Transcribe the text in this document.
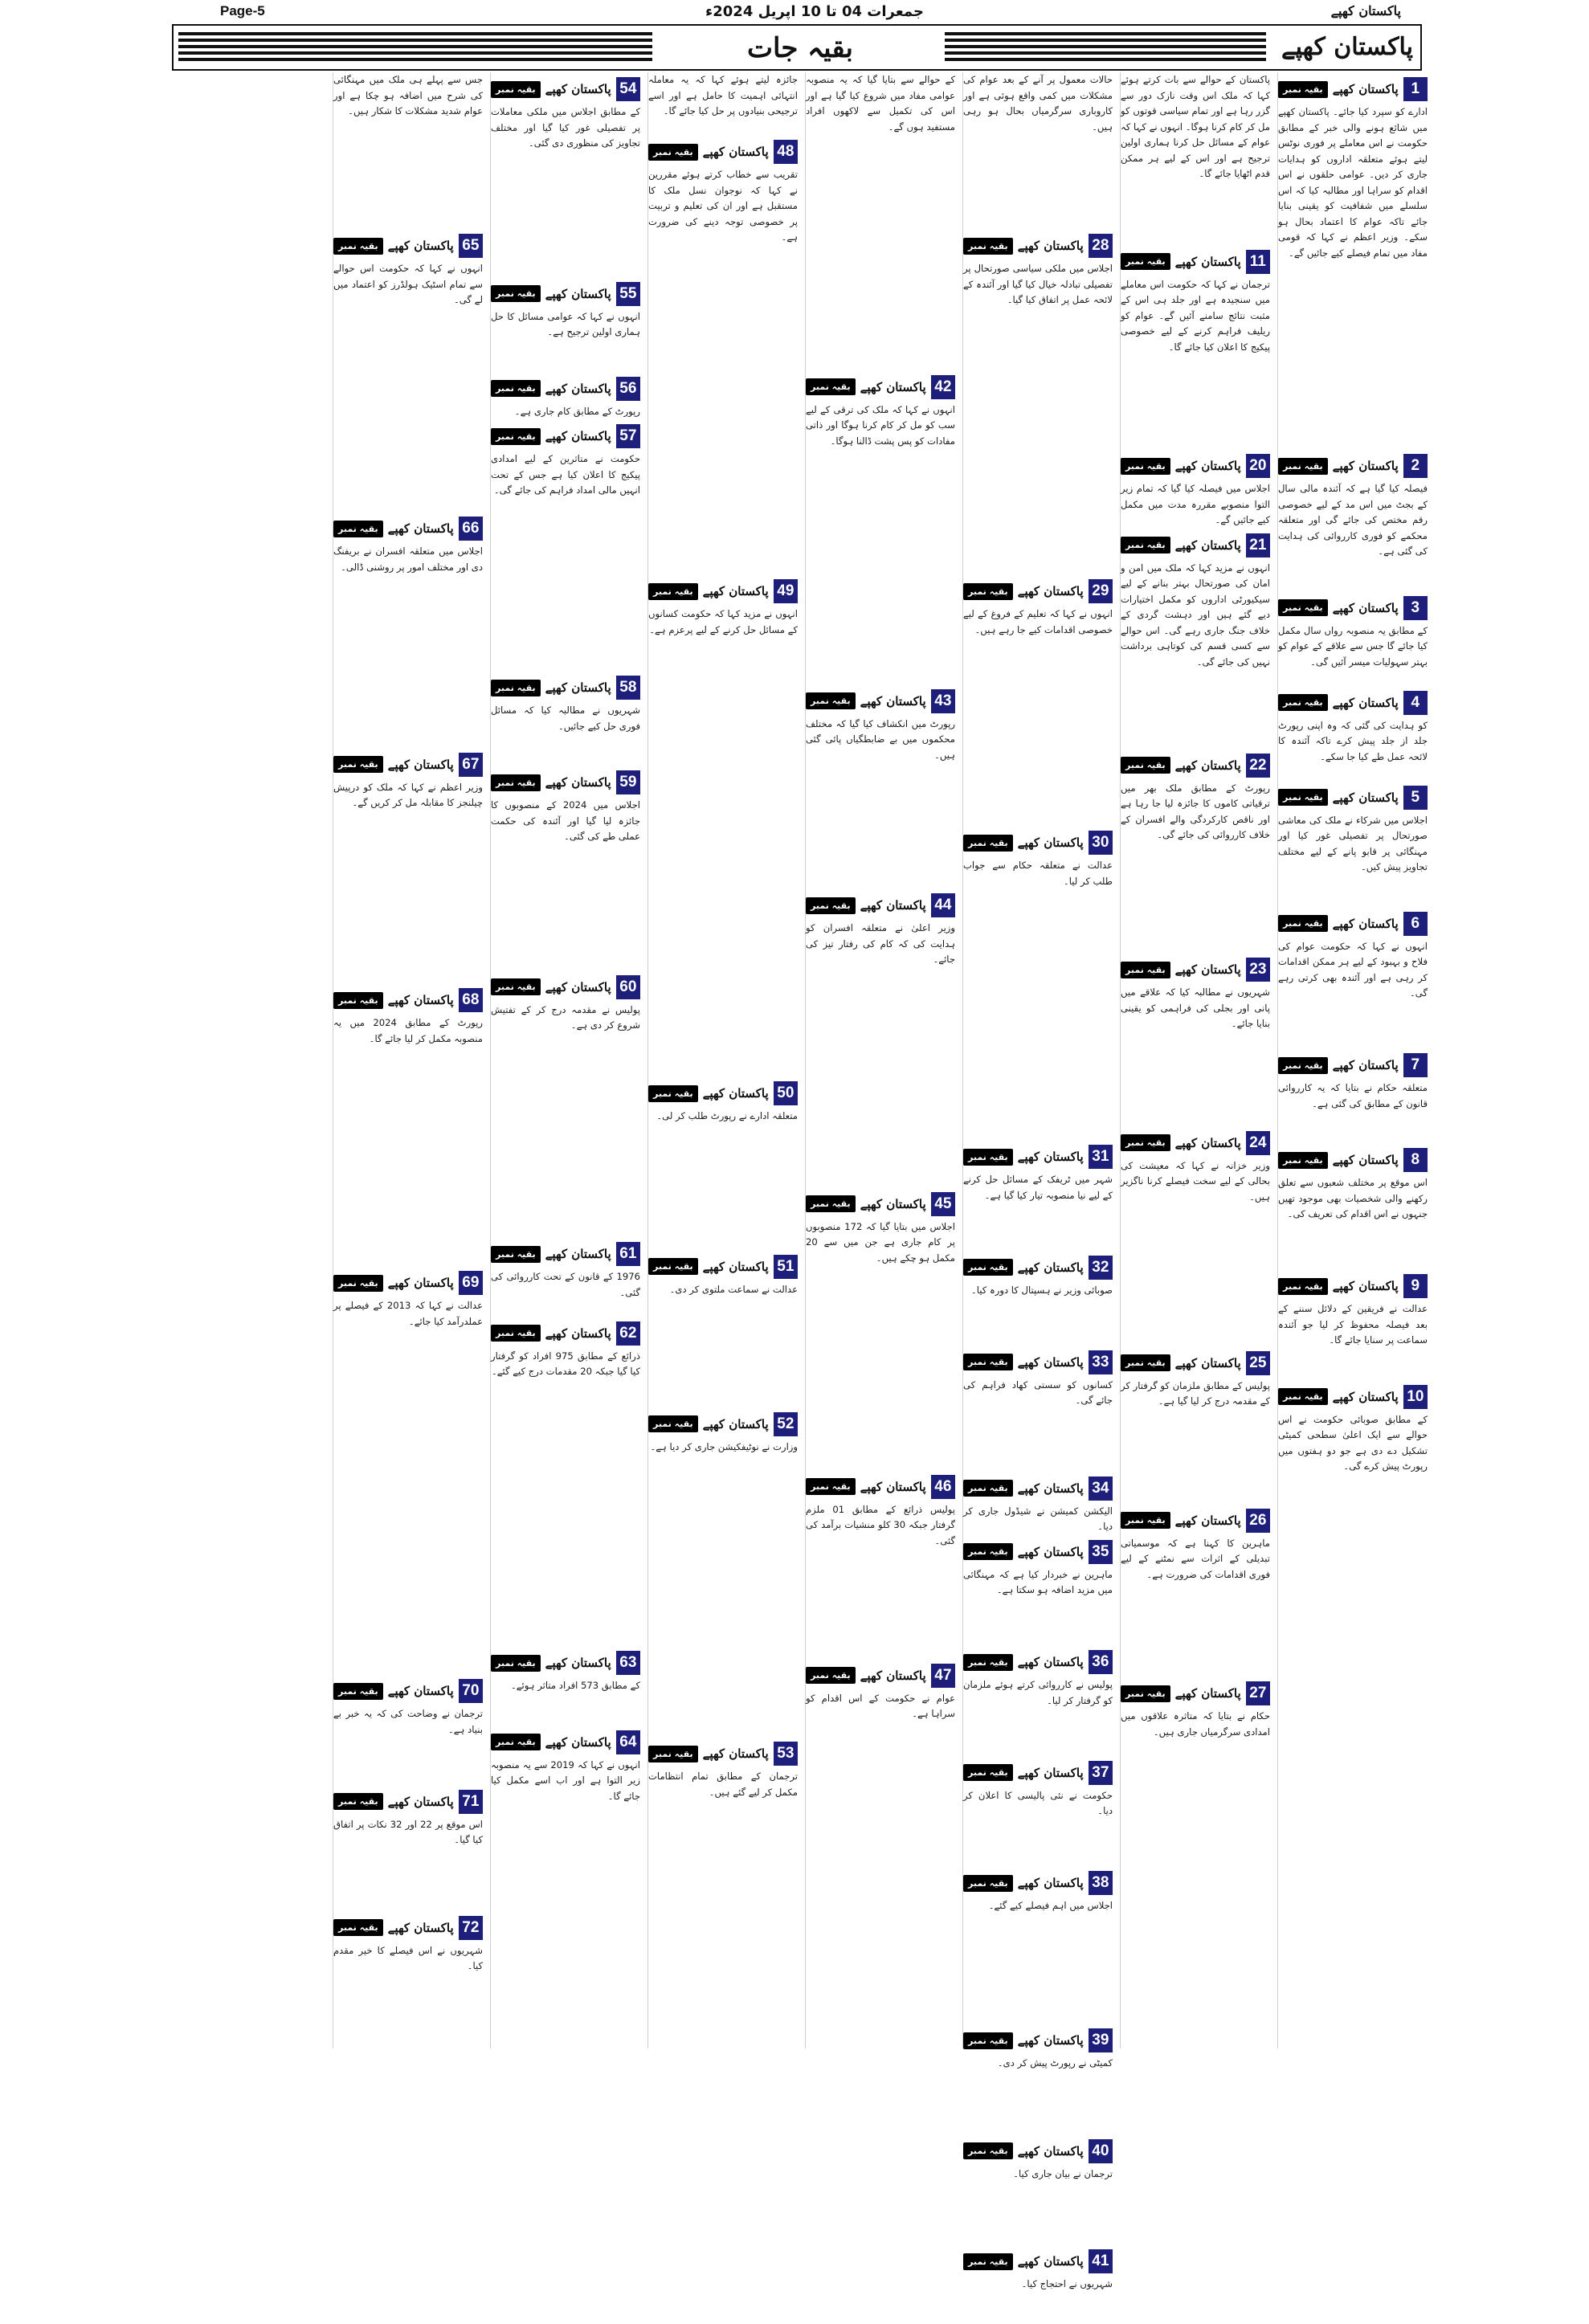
Page-5	جمعرات 04 تا 10 اپریل 2024ء	پاکستان کھپے
بقیہ جات	پاکستان کھپے
1
پاکستان کھپے
بقیہ نمبر

ادارے کو سپرد کیا جائے۔ پاکستان کھپے میں شائع ہونے والی خبر کے مطابق حکومت نے اس معاملے پر فوری نوٹس لیتے ہوئے متعلقہ اداروں کو ہدایات جاری کر دیں۔ عوامی حلقوں نے اس اقدام کو سراہا اور مطالبہ کیا کہ اس سلسلے میں شفافیت کو یقینی بنایا جائے تاکہ عوام کا اعتماد بحال ہو سکے۔ وزیر اعظم نے کہا کہ قومی مفاد میں تمام فیصلے کیے جائیں گے۔

2
پاکستان کھپے
بقیہ نمبر

فیصلہ کیا گیا ہے کہ آئندہ مالی سال کے بجٹ میں اس مد کے لیے خصوصی رقم مختص کی جائے گی اور متعلقہ محکمے کو فوری کارروائی کی ہدایت کی گئی ہے۔

3
پاکستان کھپے
بقیہ نمبر

کے مطابق یہ منصوبہ رواں سال مکمل کیا جائے گا جس سے علاقے کے عوام کو بہتر سہولیات میسر آئیں گی۔

4
پاکستان کھپے
بقیہ نمبر

کو ہدایت کی گئی کہ وہ اپنی رپورٹ جلد از جلد پیش کرے تاکہ آئندہ کا لائحہ عمل طے کیا جا سکے۔

5
پاکستان کھپے
بقیہ نمبر

اجلاس میں شرکاء نے ملک کی معاشی صورتحال پر تفصیلی غور کیا اور مہنگائی پر قابو پانے کے لیے مختلف تجاویز پیش کیں۔

6
پاکستان کھپے
بقیہ نمبر

انہوں نے کہا کہ حکومت عوام کی فلاح و بہبود کے لیے ہر ممکن اقدامات کر رہی ہے اور آئندہ بھی کرتی رہے گی۔

7
پاکستان کھپے
بقیہ نمبر

متعلقہ حکام نے بتایا کہ یہ کارروائی قانون کے مطابق کی گئی ہے۔

8
پاکستان کھپے
بقیہ نمبر

اس موقع پر مختلف شعبوں سے تعلق رکھنے والی شخصیات بھی موجود تھیں جنہوں نے اس اقدام کی تعریف کی۔

9
پاکستان کھپے
بقیہ نمبر

عدالت نے فریقین کے دلائل سننے کے بعد فیصلہ محفوظ کر لیا جو آئندہ سماعت پر سنایا جائے گا۔

10
پاکستان کھپے
بقیہ نمبر

کے مطابق صوبائی حکومت نے اس حوالے سے ایک اعلیٰ سطحی کمیٹی تشکیل دے دی ہے جو دو ہفتوں میں رپورٹ پیش کرے گی۔

پاکستان کے حوالے سے بات کرتے ہوئے کہا کہ ملک اس وقت نازک دور سے گزر رہا ہے اور تمام سیاسی قوتوں کو مل کر کام کرنا ہوگا۔ انہوں نے کہا کہ عوام کے مسائل حل کرنا ہماری اولین ترجیح ہے اور اس کے لیے ہر ممکن قدم اٹھایا جائے گا۔

11
پاکستان کھپے
بقیہ نمبر

ترجمان نے کہا کہ حکومت اس معاملے میں سنجیدہ ہے اور جلد ہی اس کے مثبت نتائج سامنے آئیں گے۔ عوام کو ریلیف فراہم کرنے کے لیے خصوصی پیکیج کا اعلان کیا جائے گا۔

20
پاکستان کھپے
بقیہ نمبر

اجلاس میں فیصلہ کیا گیا کہ تمام زیر التوا منصوبے مقررہ مدت میں مکمل کیے جائیں گے۔

21
پاکستان کھپے
بقیہ نمبر

انہوں نے مزید کہا کہ ملک میں امن و امان کی صورتحال بہتر بنانے کے لیے سیکیورٹی اداروں کو مکمل اختیارات دیے گئے ہیں اور دہشت گردی کے خلاف جنگ جاری رہے گی۔ اس حوالے سے کسی قسم کی کوتاہی برداشت نہیں کی جائے گی۔

22
پاکستان کھپے
بقیہ نمبر

رپورٹ کے مطابق ملک بھر میں ترقیاتی کاموں کا جائزہ لیا جا رہا ہے اور ناقص کارکردگی والے افسران کے خلاف کارروائی کی جائے گی۔

23
پاکستان کھپے
بقیہ نمبر

شہریوں نے مطالبہ کیا کہ علاقے میں پانی اور بجلی کی فراہمی کو یقینی بنایا جائے۔

24
پاکستان کھپے
بقیہ نمبر

وزیر خزانہ نے کہا کہ معیشت کی بحالی کے لیے سخت فیصلے کرنا ناگزیر ہیں۔

25
پاکستان کھپے
بقیہ نمبر

پولیس کے مطابق ملزمان کو گرفتار کر کے مقدمہ درج کر لیا گیا ہے۔

26
پاکستان کھپے
بقیہ نمبر

ماہرین کا کہنا ہے کہ موسمیاتی تبدیلی کے اثرات سے نمٹنے کے لیے فوری اقدامات کی ضرورت ہے۔

27
پاکستان کھپے
بقیہ نمبر

حکام نے بتایا کہ متاثرہ علاقوں میں امدادی سرگرمیاں جاری ہیں۔

حالات معمول پر آنے کے بعد عوام کی مشکلات میں کمی واقع ہوئی ہے اور کاروباری سرگرمیاں بحال ہو رہی ہیں۔

28
پاکستان کھپے
بقیہ نمبر

اجلاس میں ملکی سیاسی صورتحال پر تفصیلی تبادلہ خیال کیا گیا اور آئندہ کے لائحہ عمل پر اتفاق کیا گیا۔

29
پاکستان کھپے
بقیہ نمبر

انہوں نے کہا کہ تعلیم کے فروغ کے لیے خصوصی اقدامات کیے جا رہے ہیں۔

30
پاکستان کھپے
بقیہ نمبر

عدالت نے متعلقہ حکام سے جواب طلب کر لیا۔

31
پاکستان کھپے
بقیہ نمبر

شہر میں ٹریفک کے مسائل حل کرنے کے لیے نیا منصوبہ تیار کیا گیا ہے۔

32
پاکستان کھپے
بقیہ نمبر

صوبائی وزیر نے ہسپتال کا دورہ کیا۔

33
پاکستان کھپے
بقیہ نمبر

کسانوں کو سستی کھاد فراہم کی جائے گی۔

34
پاکستان کھپے
بقیہ نمبر

الیکشن کمیشن نے شیڈول جاری کر دیا۔

35
پاکستان کھپے
بقیہ نمبر

ماہرین نے خبردار کیا ہے کہ مہنگائی میں مزید اضافہ ہو سکتا ہے۔

36
پاکستان کھپے
بقیہ نمبر

پولیس نے کارروائی کرتے ہوئے ملزمان کو گرفتار کر لیا۔

37
پاکستان کھپے
بقیہ نمبر

حکومت نے نئی پالیسی کا اعلان کر دیا۔

38
پاکستان کھپے
بقیہ نمبر

اجلاس میں اہم فیصلے کیے گئے۔

39
پاکستان کھپے
بقیہ نمبر

کمیٹی نے رپورٹ پیش کر دی۔

40
پاکستان کھپے
بقیہ نمبر

ترجمان نے بیان جاری کیا۔

41
پاکستان کھپے
بقیہ نمبر

شہریوں نے احتجاج کیا۔

کے حوالے سے بتایا گیا کہ یہ منصوبہ عوامی مفاد میں شروع کیا گیا ہے اور اس کی تکمیل سے لاکھوں افراد مستفید ہوں گے۔

42
پاکستان کھپے
بقیہ نمبر

انہوں نے کہا کہ ملک کی ترقی کے لیے سب کو مل کر کام کرنا ہوگا اور ذاتی مفادات کو پس پشت ڈالنا ہوگا۔

43
پاکستان کھپے
بقیہ نمبر

رپورٹ میں انکشاف کیا گیا کہ مختلف محکموں میں بے ضابطگیاں پائی گئی ہیں۔

44
پاکستان کھپے
بقیہ نمبر

وزیر اعلیٰ نے متعلقہ افسران کو ہدایت کی کہ کام کی رفتار تیز کی جائے۔

45
پاکستان کھپے
بقیہ نمبر

اجلاس میں بتایا گیا کہ 172 منصوبوں پر کام جاری ہے جن میں سے 20 مکمل ہو چکے ہیں۔

46
پاکستان کھپے
بقیہ نمبر

پولیس ذرائع کے مطابق 01 ملزم گرفتار جبکہ 30 کلو منشیات برآمد کی گئی۔

47
پاکستان کھپے
بقیہ نمبر

عوام نے حکومت کے اس اقدام کو سراہا ہے۔

جائزہ لیتے ہوئے کہا کہ یہ معاملہ انتہائی اہمیت کا حامل ہے اور اسے ترجیحی بنیادوں پر حل کیا جائے گا۔

48
پاکستان کھپے
بقیہ نمبر

تقریب سے خطاب کرتے ہوئے مقررین نے کہا کہ نوجوان نسل ملک کا مستقبل ہے اور ان کی تعلیم و تربیت پر خصوصی توجہ دینے کی ضرورت ہے۔

49
پاکستان کھپے
بقیہ نمبر

انہوں نے مزید کہا کہ حکومت کسانوں کے مسائل حل کرنے کے لیے پرعزم ہے۔

50
پاکستان کھپے
بقیہ نمبر

متعلقہ ادارے نے رپورٹ طلب کر لی۔

51
پاکستان کھپے
بقیہ نمبر

عدالت نے سماعت ملتوی کر دی۔

52
پاکستان کھپے
بقیہ نمبر

وزارت نے نوٹیفکیشن جاری کر دیا ہے۔

53
پاکستان کھپے
بقیہ نمبر

ترجمان کے مطابق تمام انتظامات مکمل کر لیے گئے ہیں۔

54
پاکستان کھپے
بقیہ نمبر

کے مطابق اجلاس میں ملکی معاملات پر تفصیلی غور کیا گیا اور مختلف تجاویز کی منظوری دی گئی۔

55
پاکستان کھپے
بقیہ نمبر

انہوں نے کہا کہ عوامی مسائل کا حل ہماری اولین ترجیح ہے۔

56
پاکستان کھپے
بقیہ نمبر

رپورٹ کے مطابق کام جاری ہے۔

57
پاکستان کھپے
بقیہ نمبر

حکومت نے متاثرین کے لیے امدادی پیکیج کا اعلان کیا ہے جس کے تحت انہیں مالی امداد فراہم کی جائے گی۔

58
پاکستان کھپے
بقیہ نمبر

شہریوں نے مطالبہ کیا کہ مسائل فوری حل کیے جائیں۔

59
پاکستان کھپے
بقیہ نمبر

اجلاس میں 2024 کے منصوبوں کا جائزہ لیا گیا اور آئندہ کی حکمت عملی طے کی گئی۔

60
پاکستان کھپے
بقیہ نمبر

پولیس نے مقدمہ درج کر کے تفتیش شروع کر دی ہے۔

61
پاکستان کھپے
بقیہ نمبر

1976 کے قانون کے تحت کارروائی کی گئی۔

62
پاکستان کھپے
بقیہ نمبر

ذرائع کے مطابق 975 افراد کو گرفتار کیا گیا جبکہ 20 مقدمات درج کیے گئے۔

63
پاکستان کھپے
بقیہ نمبر

کے مطابق 573 افراد متاثر ہوئے۔

64
پاکستان کھپے
بقیہ نمبر

انہوں نے کہا کہ 2019 سے یہ منصوبہ زیر التوا ہے اور اب اسے مکمل کیا جائے گا۔

جس سے پہلے ہی ملک میں مہنگائی کی شرح میں اضافہ ہو چکا ہے اور عوام شدید مشکلات کا شکار ہیں۔

65
پاکستان کھپے
بقیہ نمبر

انہوں نے کہا کہ حکومت اس حوالے سے تمام اسٹیک ہولڈرز کو اعتماد میں لے گی۔

66
پاکستان کھپے
بقیہ نمبر

اجلاس میں متعلقہ افسران نے بریفنگ دی اور مختلف امور پر روشنی ڈالی۔

67
پاکستان کھپے
بقیہ نمبر

وزیر اعظم نے کہا کہ ملک کو درپیش چیلنجز کا مقابلہ مل کر کریں گے۔

68
پاکستان کھپے
بقیہ نمبر

رپورٹ کے مطابق 2024 میں یہ منصوبہ مکمل کر لیا جائے گا۔

69
پاکستان کھپے
بقیہ نمبر

عدالت نے کہا کہ 2013 کے فیصلے پر عملدرآمد کیا جائے۔

70
پاکستان کھپے
بقیہ نمبر

ترجمان نے وضاحت کی کہ یہ خبر بے بنیاد ہے۔

71
پاکستان کھپے
بقیہ نمبر

اس موقع پر 22 اور 32 نکات پر اتفاق کیا گیا۔

72
پاکستان کھپے
بقیہ نمبر

شہریوں نے اس فیصلے کا خیر مقدم کیا۔
